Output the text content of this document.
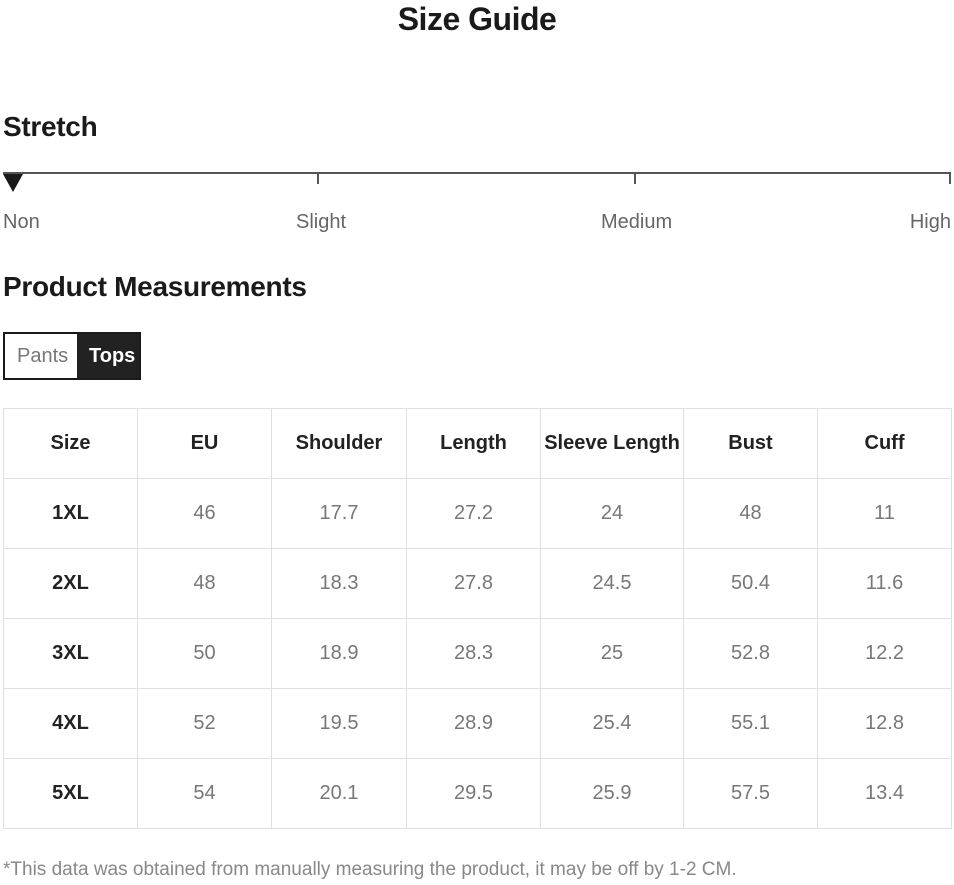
Size Guide
Stretch
Non	Slight	Medium	High
Product Measurements
Pants	Tops
Size	EU	Shoulder	Length	Sleeve Length	Bust	Cuff
1XL	46	17.7	27.2	24	48	11
2XL	48	18.3	27.8	24.5	50.4	11.6
3XL	50	18.9	28.3	25	52.8	12.2
4XL	52	19.5	28.9	25.4	55.1	12.8
5XL	54	20.1	29.5	25.9	57.5	13.4
*This data was obtained from manually measuring the product, it may be off by 1-2 CM.
